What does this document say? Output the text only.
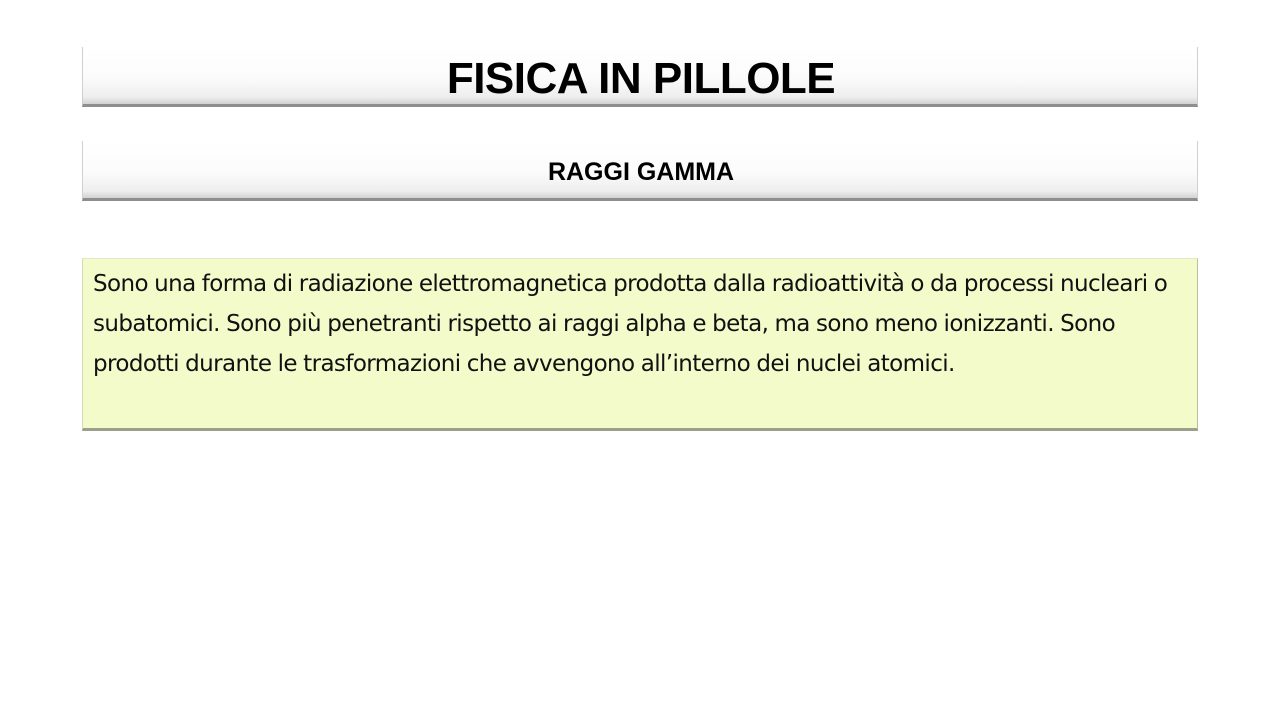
FISICA IN PILLOLE
RAGGI GAMMA

Sono una forma di radiazione elettromagnetica prodotta dalla radioattività o da processi nucleari o subatomici. Sono più penetranti rispetto ai raggi alpha e beta, ma sono meno ionizzanti. Sono prodotti durante le trasformazioni che avvengono all’interno dei nuclei atomici.
